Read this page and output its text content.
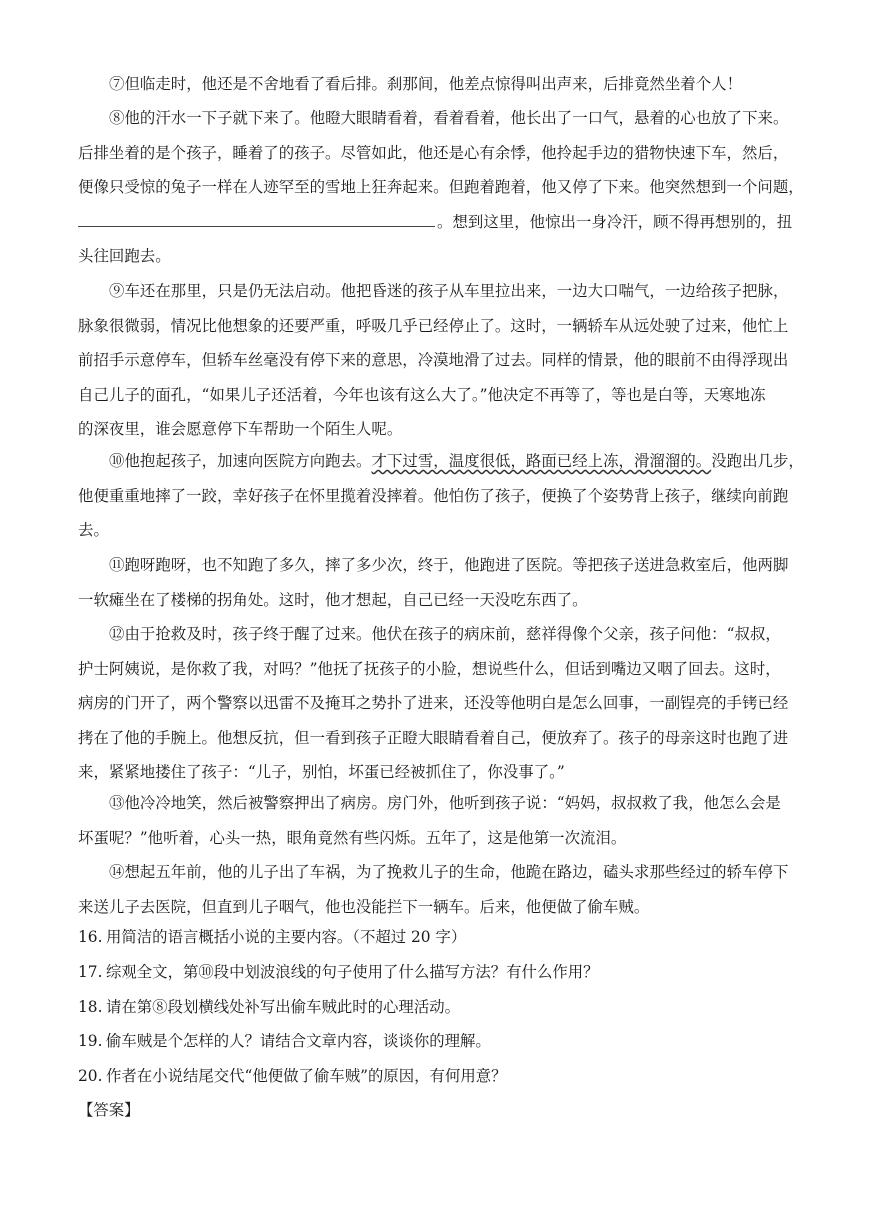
⑦但临走时，他还是不舍地看了看后排。刹那间，他差点惊得叫出声来，后排竟然坐着个人！
⑧他的汗水一下子就下来了。他瞪大眼睛看着，看着看着，他长出了一口气，悬着的心也放了下来。
后排坐着的是个孩子，睡着了的孩子。尽管如此，他还是心有余悸，他拎起手边的猎物快速下车，然后，
便像只受惊的兔子一样在人迹罕至的雪地上狂奔起来。但跑着跑着，他又停了下来。他突然想到一个问题，
。想到这里，他惊出一身冷汗，顾不得再想别的，扭
头往回跑去。
⑨车还在那里，只是仍无法启动。他把昏迷的孩子从车里拉出来，一边大口喘气，一边给孩子把脉，
脉象很微弱，情况比他想象的还要严重，呼吸几乎已经停止了。这时，一辆轿车从远处驶了过来，他忙上
前招手示意停车，但轿车丝毫没有停下来的意思，冷漠地滑了过去。同样的情景，他的眼前不由得浮现出
自己儿子的面孔，“如果儿子还活着，今年也该有这么大了。”他决定不再等了，等也是白等，天寒地冻
的深夜里，谁会愿意停下车帮助一个陌生人呢。
⑩他抱起孩子，加速向医院方向跑去。才下过雪，温度很低，路面已经上冻，滑溜溜的。没跑出几步，
他便重重地摔了一跤，幸好孩子在怀里揽着没摔着。他怕伤了孩子，便换了个姿势背上孩子，继续向前跑
去。
⑪跑呀跑呀，也不知跑了多久，摔了多少次，终于，他跑进了医院。等把孩子送进急救室后，他两脚
一软瘫坐在了楼梯的拐角处。这时，他才想起，自己已经一天没吃东西了。
⑫由于抢救及时，孩子终于醒了过来。他伏在孩子的病床前，慈祥得像个父亲，孩子问他：“叔叔，
护士阿姨说，是你救了我，对吗？”他抚了抚孩子的小脸，想说些什么，但话到嘴边又咽了回去。这时，
病房的门开了，两个警察以迅雷不及掩耳之势扑了进来，还没等他明白是怎么回事，一副锃亮的手铐已经
拷在了他的手腕上。他想反抗，但一看到孩子正瞪大眼睛看着自己，便放弃了。孩子的母亲这时也跑了进
来，紧紧地搂住了孩子：“儿子，别怕，坏蛋已经被抓住了，你没事了。”
⑬他冷冷地笑，然后被警察押出了病房。房门外，他听到孩子说：“妈妈，叔叔救了我，他怎么会是
坏蛋呢？”他听着，心头一热，眼角竟然有些闪烁。五年了，这是他第一次流泪。
⑭想起五年前，他的儿子出了车祸，为了挽救儿子的生命，他跪在路边，磕头求那些经过的轿车停下
来送儿子去医院，但直到儿子咽气，他也没能拦下一辆车。后来，他便做了偷车贼。
16. 用简洁的语言概括小说的主要内容。（不超过 20 字）
17. 综观全文，第⑩段中划波浪线的句子使用了什么描写方法？有什么作用？
18. 请在第⑧段划横线处补写出偷车贼此时的心理活动。
19. 偷车贼是个怎样的人？请结合文章内容，谈谈你的理解。
20. 作者在小说结尾交代“他便做了偷车贼”的原因，有何用意？
【答案】
